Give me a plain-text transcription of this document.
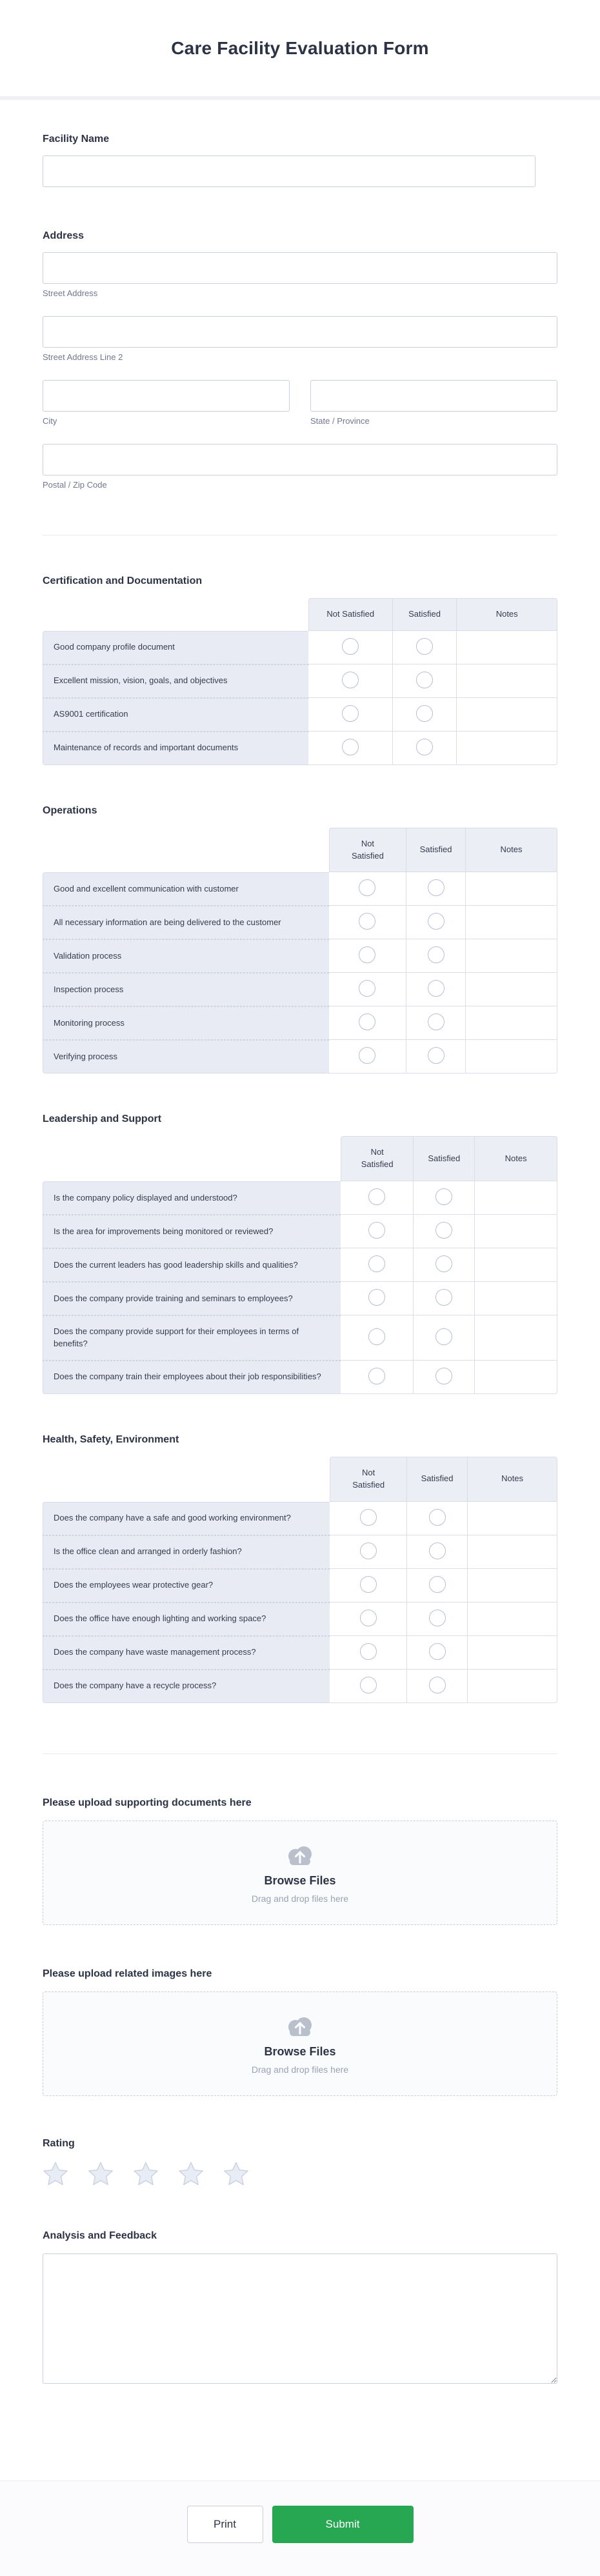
Care Facility Evaluation Form
Facility Name
Address
Street Address
Street Address Line 2
City	State / Province
Postal / Zip Code
Certification and Documentation
	Not Satisfied	Satisfied	Notes
Good company profile document			
Excellent mission, vision, goals, and objectives			
AS9001 certification			
Maintenance of records and important documents			
Operations
	Not Satisfied	Satisfied	Notes
Good and excellent communication with customer			
All necessary information are being delivered to the customer			
Validation process			
Inspection process			
Monitoring process			
Verifying process			
Leadership and Support
	Not Satisfied	Satisfied	Notes
Is the company policy displayed and understood?			
Is the area for improvements being monitored or reviewed?			
Does the current leaders has good leadership skills and qualities?			
Does the company provide training and seminars to employees?			
Does the company provide support for their employees in terms of benefits?			
Does the company train their employees about their job responsibilities?			
Health, Safety, Environment
	Not Satisfied	Satisfied	Notes
Does the company have a safe and good working environment?			
Is the office clean and arranged in orderly fashion?			
Does the employees wear protective gear?			
Does the office have enough lighting and working space?			
Does the company have waste management process?			
Does the company have a recycle process?			
Please upload supporting documents here
Browse Files
Drag and drop files here
Please upload related images here
Browse Files
Drag and drop files here
Rating
Analysis and Feedback
Print	Submit
